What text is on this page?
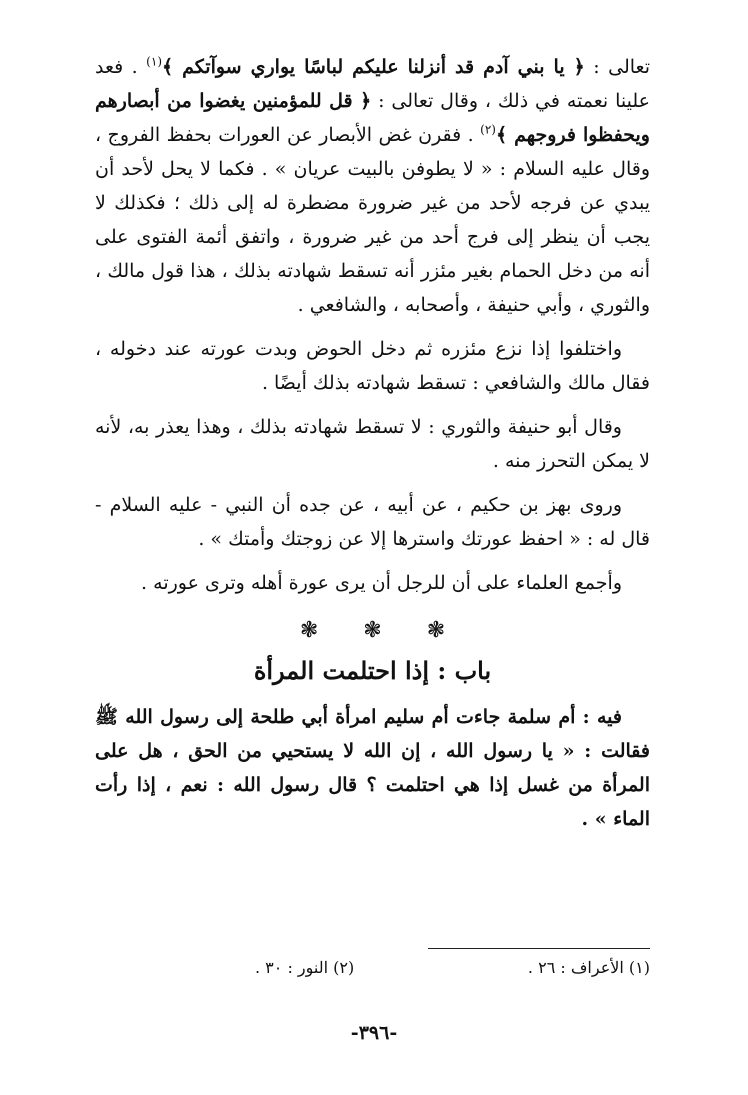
تعالى : ﴿ يا بني آدم قد أنزلنا عليكم لباسًا يواري سوآتكم ﴾$^{(١)}$ . فعد علينا نعمته في ذلك ، وقال تعالى : ﴿ قل للمؤمنين يغضوا من أبصارهم ويحفظوا فروجهم ﴾$^{(٢)}$ . فقرن غض الأبصار عن العورات بحفظ الفروج ، وقال عليه السلام : « لا يطوفن بالبيت عريان » . فكما لا يحل لأحد أن يبدي عن فرجه لأحد من غير ضرورة مضطرة له إلى ذلك ؛ فكذلك لا يجب أن ينظر إلى فرج أحد من غير ضرورة ، واتفق أئمة الفتوى على أنه من دخل الحمام بغير مئزر أنه تسقط شهادته بذلك ، هذا قول مالك ، والثوري ، وأبي حنيفة ، وأصحابه ، والشافعي .

واختلفوا إذا نزع مئزره ثم دخل الحوض وبدت عورته عند دخوله ، فقال مالك والشافعي : تسقط شهادته بذلك أيضًا .

وقال أبو حنيفة والثوري : لا تسقط شهادته بذلك ، وهذا يعذر به، لأنه لا يمكن التحرز منه .

وروى بهز بن حكيم ، عن أبيه ، عن جده أن النبي - عليه السلام - قال له : « احفظ عورتك واسترها إلا عن زوجتك وأمتك » .

وأجمع العلماء على أن للرجل أن يرى عورة أهله وترى عورته .

❃ ❃ ❃
باب : إذا احتلمت المرأة

فيه : أم سلمة جاءت أم سليم امرأة أبي طلحة إلى رسول الله ﷺ فقالت : « يا رسول الله ، إن الله لا يستحيي من الحق ، هل على المرأة من غسل إذا هي احتلمت ؟ قال رسول الله : نعم ، إذا رأت الماء » .

(١) الأعراف : ٢٦ .
(٢) النور : ٣٠ .
-٣٩٦-
